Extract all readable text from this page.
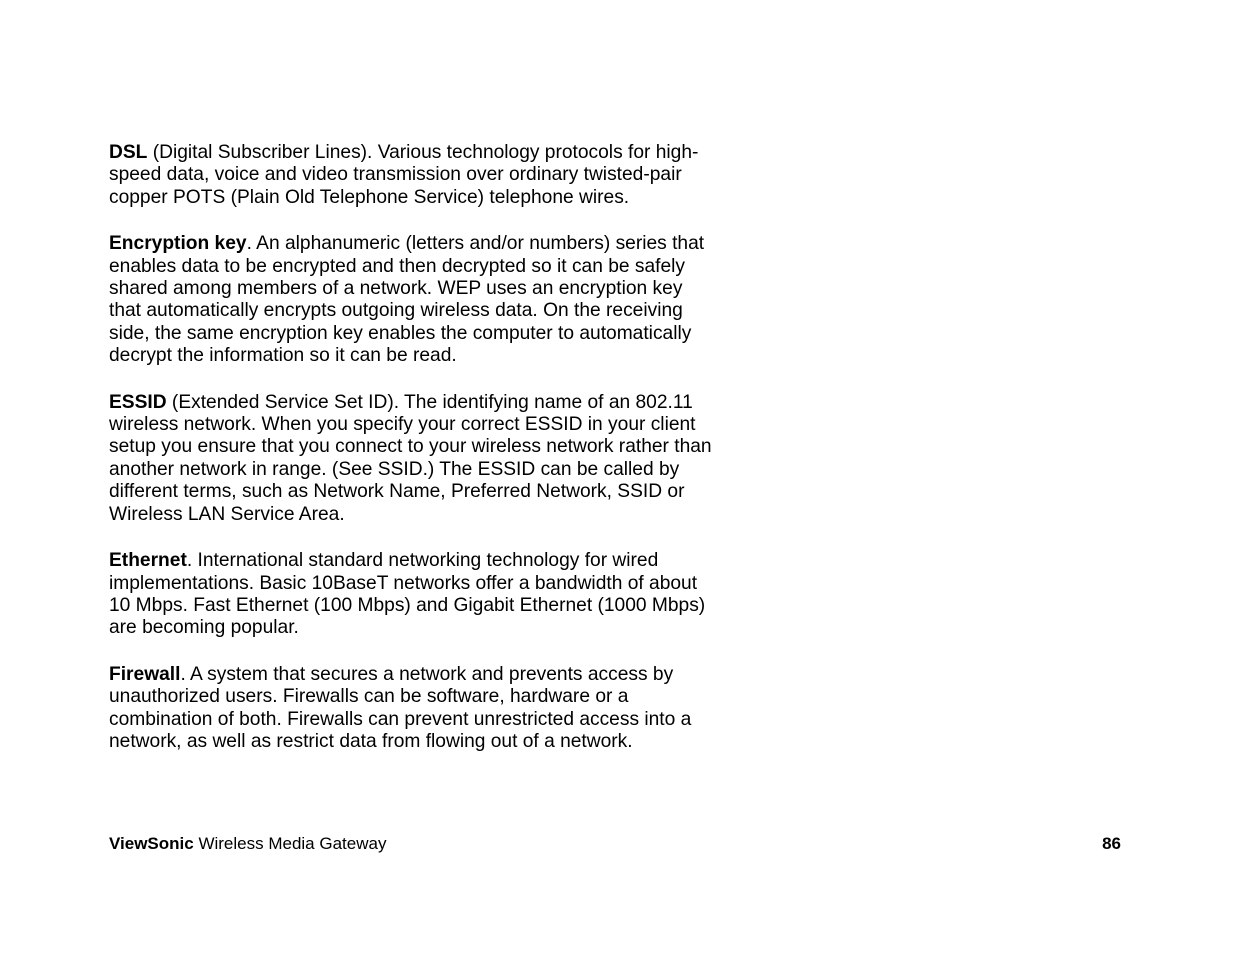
DSL (Digital Subscriber Lines). Various technology protocols for high-speed data, voice and video transmission over ordinary twisted-pair copper POTS (Plain Old Telephone Service) telephone wires.

Encryption key. An alphanumeric (letters and/or numbers) series that enables data to be encrypted and then decrypted so it can be safely shared among members of a network. WEP uses an encryption key that automatically encrypts outgoing wireless data. On the receiving side, the same encryption key enables the computer to automatically decrypt the information so it can be read.

ESSID (Extended Service Set ID). The identifying name of an 802.11 wireless network. When you specify your correct ESSID in your client setup you ensure that you connect to your wireless network rather than another network in range. (See SSID.) The ESSID can be called by different terms, such as Network Name, Preferred Network, SSID or Wireless LAN Service Area.

Ethernet. International standard networking technology for wired implementations. Basic 10BaseT networks offer a bandwidth of about 10 Mbps. Fast Ethernet (100 Mbps) and Gigabit Ethernet (1000 Mbps) are becoming popular.

Firewall. A system that secures a network and prevents access by unauthorized users. Firewalls can be software, hardware or a combination of both. Firewalls can prevent unrestricted access into a network, as well as restrict data from flowing out of a network.

ViewSonic Wireless Media Gateway	86
